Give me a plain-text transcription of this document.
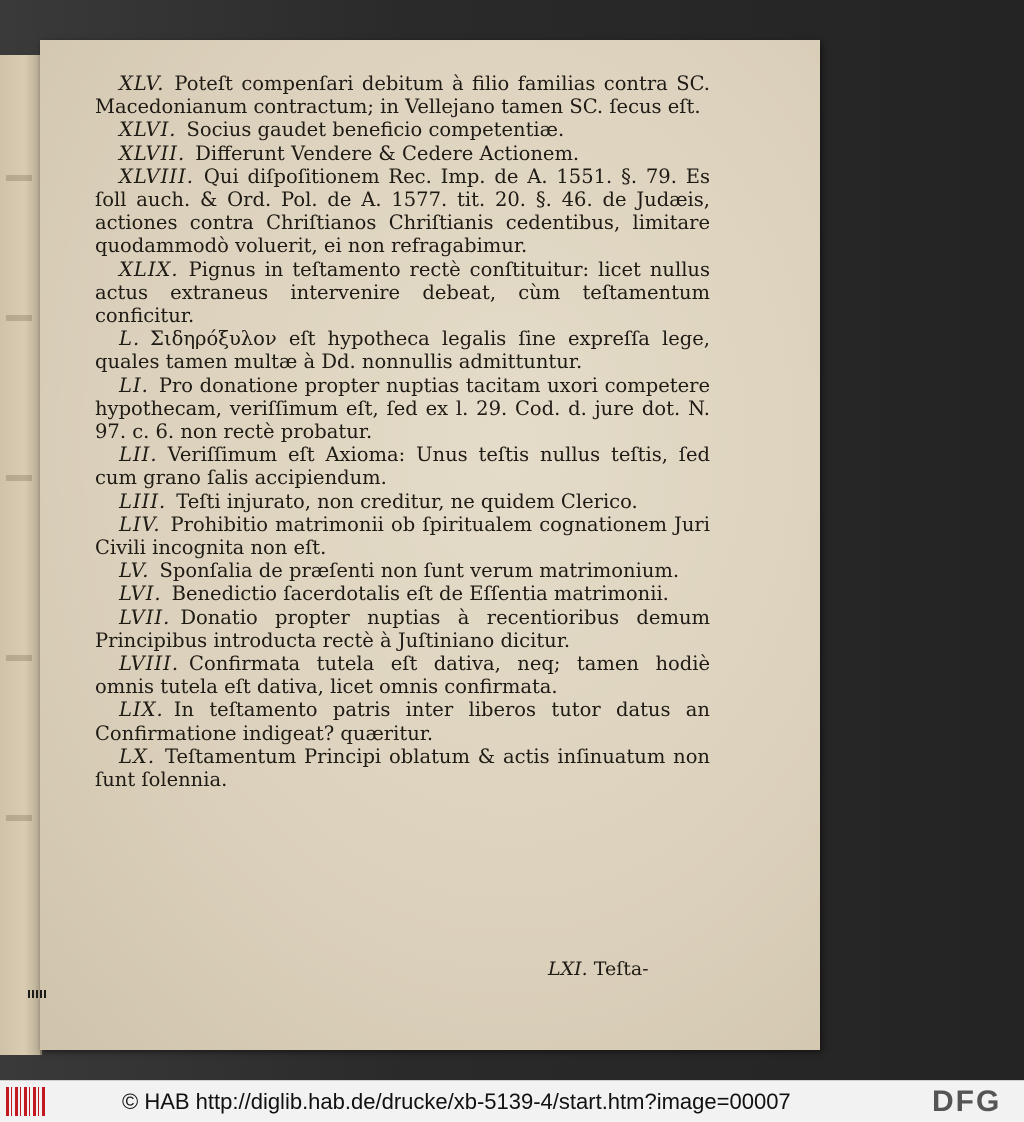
XLV. Poteſt compenſari debitum à filio familias contra SC. Macedonianum contractum; in Vellejano tamen SC. ſecus eſt.

XLVI. Socius gaudet beneficio competentiæ.

XLVII. Differunt Vendere & Cedere Actionem.

XLVIII. Qui diſpoſitionem Rec. Imp. de A. 1551. §. 79. Es ſoll auch. & Ord. Pol. de A. 1577. tit. 20. §. 46. de Judæis, actiones contra Chriſtianos Chriſtianis cedentibus, limitare quodammodò voluerit, ei non refragabimur.

XLIX. Pignus in teſtamento rectè conſtituitur: licet nullus actus extraneus intervenire debeat, cùm teſtamentum conficitur.

L. Σιδηρόξυλον eſt hypotheca legalis ſine expreſſa lege, quales tamen multæ à Dd. nonnullis admittuntur.

LI. Pro donatione propter nuptias tacitam uxori competere hypothecam, veriſſimum eſt, ſed ex l. 29. Cod. d. jure dot. N. 97. c. 6. non rectè probatur.

LII. Veriſſimum eſt Axioma: Unus teſtis nullus teſtis, ſed cum grano ſalis accipiendum.

LIII. Teſti injurato, non creditur, ne quidem Clerico.

LIV. Prohibitio matrimonii ob ſpiritualem cognationem Juri Civili incognita non eſt.

LV. Sponſalia de præſenti non ſunt verum matrimonium.

LVI. Benedictio ſacerdotalis eſt de Eſſentia matrimonii.

LVII. Donatio propter nuptias à recentioribus demum Principibus introducta rectè à Juſtiniano dicitur.

LVIII. Confirmata tutela eſt dativa, neq; tamen hodiè omnis tutela eſt dativa, licet omnis confirmata.

LIX. In teſtamento patris inter liberos tutor datus an Confirmatione indigeat? quæritur.

LX. Teſtamentum Principi oblatum & actis inſinuatum non ſunt ſolennia.

LXI. Teſta-
© HAB http://diglib.hab.de/drucke/xb-5139-4/start.htm?image=00007	DFG
